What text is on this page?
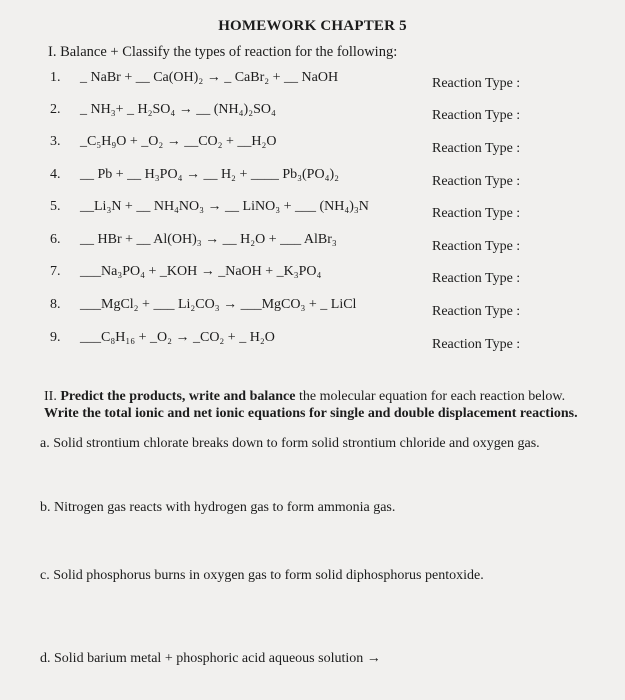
HOMEWORK CHAPTER 5
I. Balance + Classify the types of reaction for the following:
1. _ NaBr + __ Ca(OH)₂ → _ CaBr₂ + __ NaOH	Reaction Type :
2. _ NH₃+ _ H₂SO₄ → __ (NH₄)₂SO₄	Reaction Type :
3. _C₅H₉O + _O₂ → __CO₂ + __H₂O	Reaction Type :
4. __ Pb + __ H₃PO₄ → __ H₂ + ____ Pb₃(PO₄)₂	Reaction Type :
5. __Li₃N + __ NH₄NO₃ → __ LiNO₃ + ___ (NH₄)₃N	Reaction Type :
6. __ HBr + __ Al(OH)₃ → __ H₂O + ___ AlBr₃	Reaction Type :
7. ___Na₃PO₄ + _KOH → _NaOH + _K₃PO₄	Reaction Type :
8. ___MgCl₂ + ___ Li₂CO₃ → ___MgCO₃ + _ LiCl	Reaction Type :
9. ___C₈H₁₆ + _O₂ → _CO₂ + _ H₂O	Reaction Type :
II. Predict the products, write and balance the molecular equation for each reaction below.
Write the total ionic and net ionic equations for single and double displacement reactions.
a. Solid strontium chlorate breaks down to form solid strontium chloride and oxygen gas.
b. Nitrogen gas reacts with hydrogen gas to form ammonia gas.
c. Solid phosphorus burns in oxygen gas to form solid diphosphorus pentoxide.
d. Solid barium metal + phosphoric acid aqueous solution →
